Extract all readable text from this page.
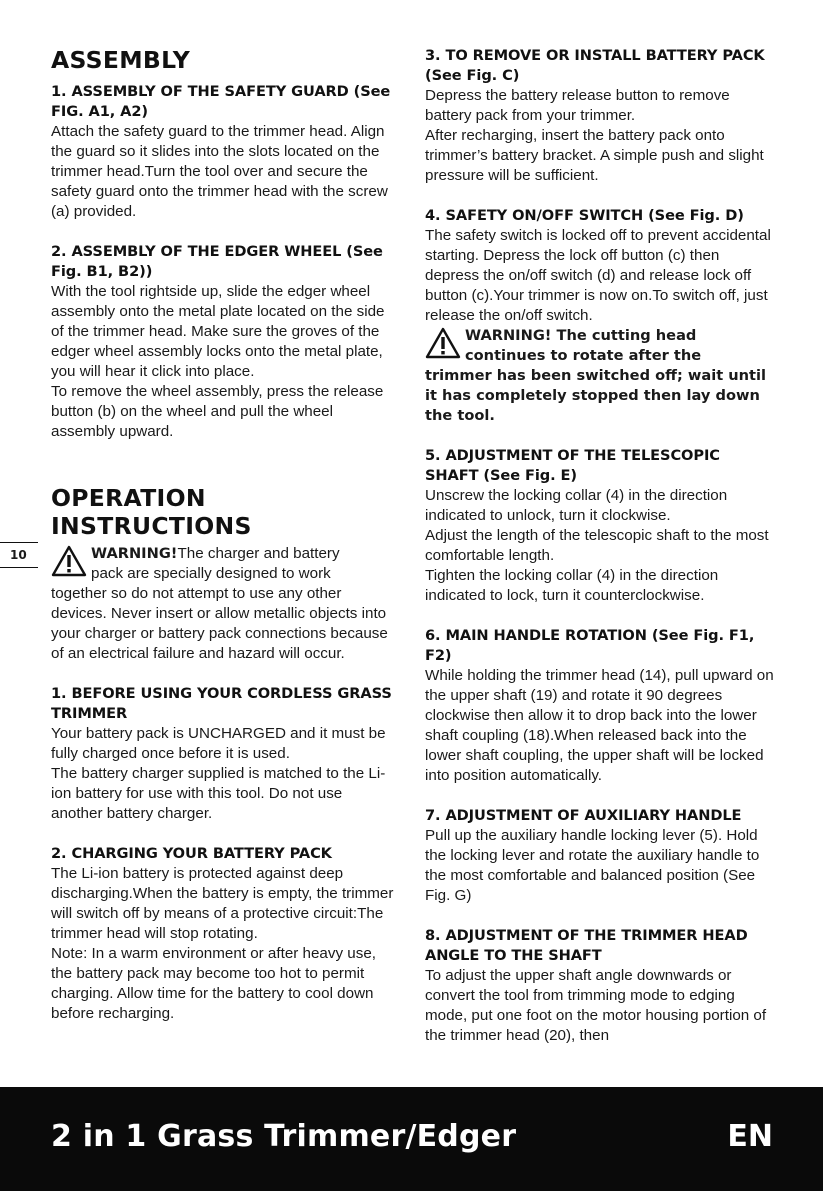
10
ASSEMBLY

1. ASSEMBLY OF THE SAFETY GUARD (See FIG. A1, A2)

Attach the safety guard to the trimmer head. Align the guard so it slides into the slots located on the trimmer head.Turn the tool over and secure the safety guard onto the trimmer head with the screw (a) provided.

2. ASSEMBLY OF THE EDGER WHEEL (See Fig. B1, B2))

With the tool rightside up, slide the edger wheel assembly onto the metal plate located on the side of the trimmer head. Make sure the groves of the edger wheel assembly locks onto the metal plate, you will hear it click into place.

To remove the wheel assembly, press the release button (b) on the wheel and pull the wheel assembly upward.

OPERATION INSTRUCTIONS
WARNING!The charger and battery
pack are specially designed to work
together so do not attempt to use any other devices. Never insert or allow metallic objects into your charger or battery pack connections because of an electrical failure and hazard will occur.

1. BEFORE USING YOUR CORDLESS GRASS TRIMMER

Your battery pack is UNCHARGED and it must be fully charged once before it is used.

The battery charger supplied is matched to the Li-ion battery for use with this tool. Do not use another battery charger.

2. CHARGING YOUR BATTERY PACK

The Li-ion battery is protected against deep discharging.When the battery is empty, the trimmer will switch off by means of a protective circuit:The trimmer head will stop rotating.

Note: In a warm environment or after heavy use, the battery pack may become too hot to permit charging. Allow time for the battery to cool down before recharging.

3. TO REMOVE OR INSTALL BATTERY PACK (See Fig. C)

Depress the battery release button to remove battery pack from your trimmer.

After recharging, insert the battery pack onto trimmer’s battery bracket. A simple push and slight pressure will be sufficient.

4. SAFETY ON/OFF SWITCH (See Fig. D)

The safety switch is locked off to prevent accidental starting. Depress the lock off button (c) then depress the on/off switch (d) and release lock off button (c).Your trimmer is now on.To switch off, just release the on/off switch.

WARNING! The cutting head
continues to rotate after the
trimmer has been switched off; wait until it has completely stopped then lay down the tool.

5. ADJUSTMENT OF THE TELESCOPIC SHAFT (See Fig. E)

Unscrew the locking collar (4) in the direction indicated to unlock, turn it clockwise.

Adjust the length of the telescopic shaft to the most comfortable length.

Tighten the locking collar (4) in the direction indicated to lock, turn it counterclockwise.

6. MAIN HANDLE ROTATION (See Fig. F1, F2)

While holding the trimmer head (14), pull upward on the upper shaft (19) and rotate it 90 degrees clockwise then allow it to drop back into the lower shaft coupling (18).When released back into the lower shaft coupling, the upper shaft will be locked into position automatically.

7. ADJUSTMENT OF AUXILIARY HANDLE

Pull up the auxiliary handle locking lever (5). Hold the locking lever and rotate the auxiliary handle to the most comfortable and balanced position (See Fig. G)

8. ADJUSTMENT OF THE TRIMMER HEAD ANGLE TO THE SHAFT

To adjust the upper shaft angle downwards or convert the tool from trimming mode to edging mode, put one foot on the motor housing portion of the trimmer head (20), then

2 in 1 Grass Trimmer/Edger	EN
